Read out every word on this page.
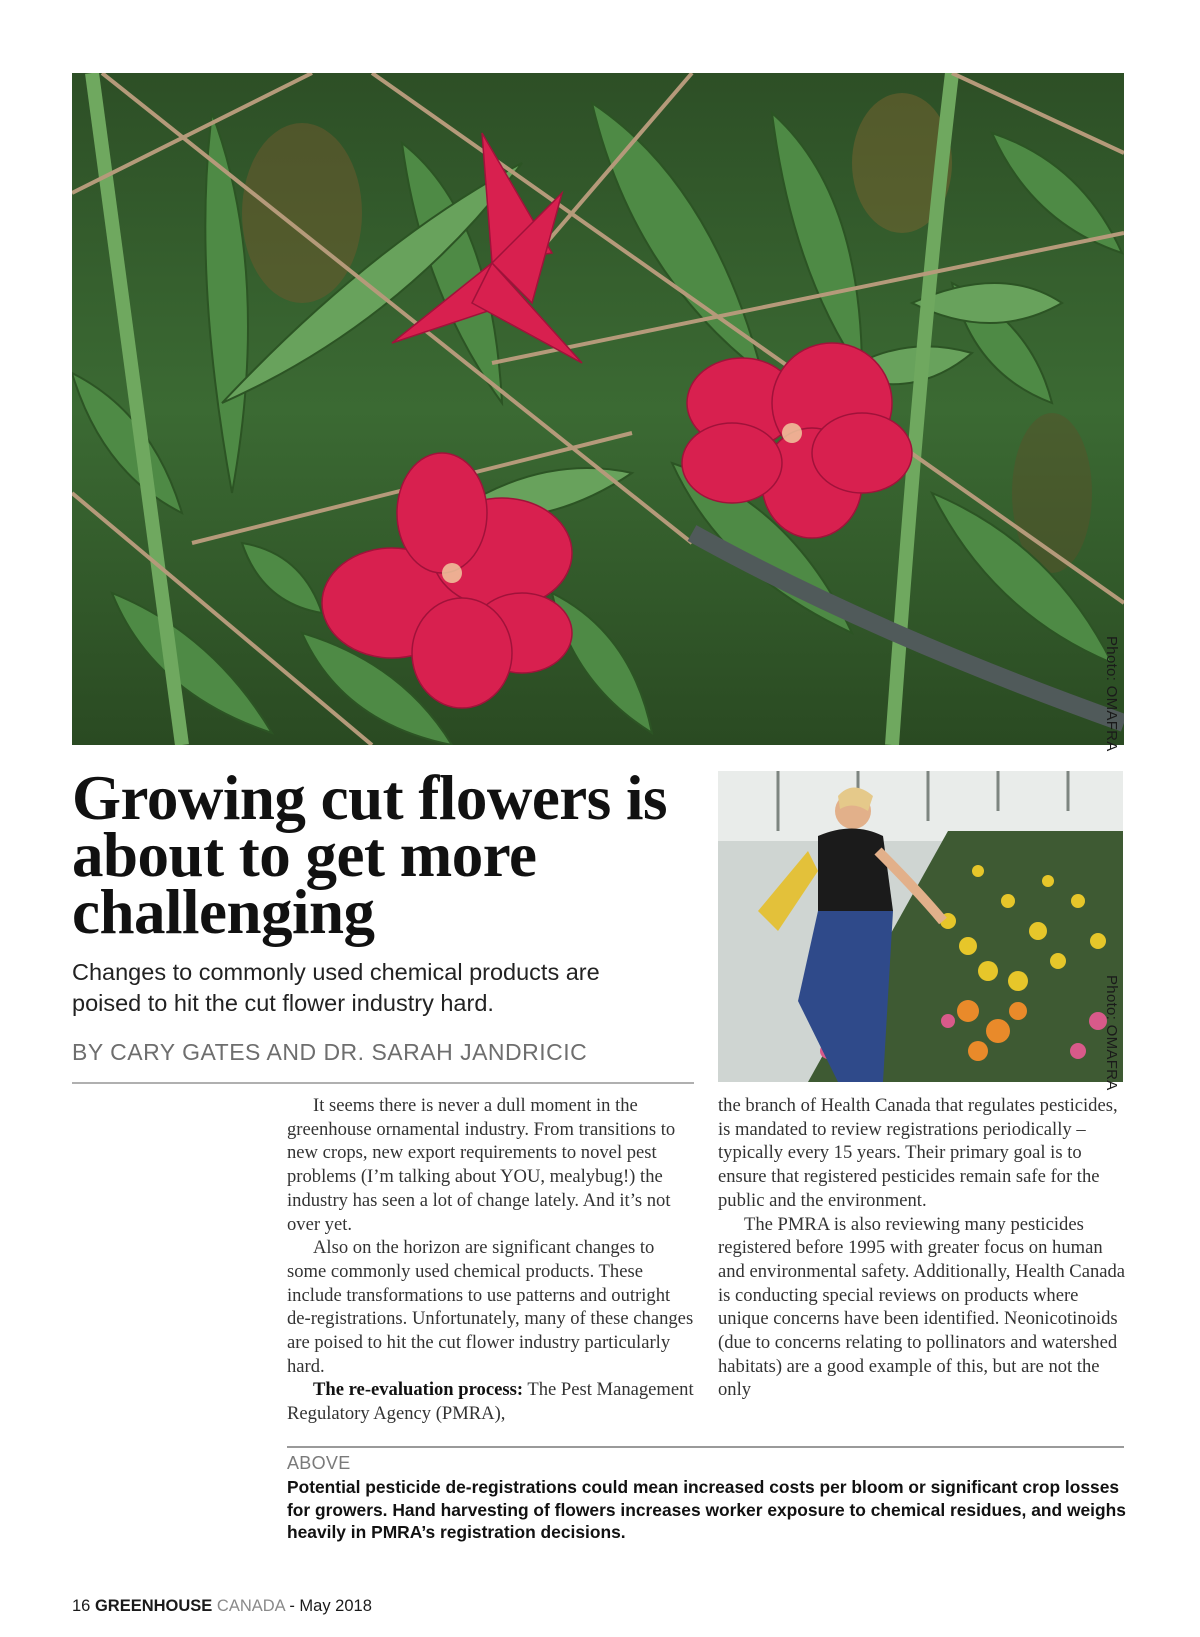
Photo: OMAFRA
Growing cut flowers is about to get more challenging

Changes to commonly used chemical products are poised to hit the cut flower industry hard.

BY CARY GATES AND DR. SARAH JANDRICIC	Photo: OMAFRA

It seems there is never a dull moment in the greenhouse ornamental industry. From transitions to new crops, new export requirements to novel pest problems (I’m talking about YOU, mealybug!) the industry has seen a lot of change lately. And it’s not over yet.

Also on the horizon are significant changes to some commonly used chemical products. These include transformations to use patterns and outright de-registrations. Unfortunately, many of these changes are poised to hit the cut flower industry particularly hard.

The re-evaluation process: The Pest Management Regulatory Agency (PMRA),

the branch of Health Canada that regulates pesticides, is mandated to review registrations periodically – typically every 15 years. Their primary goal is to ensure that registered pesticides remain safe for the public and the environment.

The PMRA is also reviewing many pesticides registered before 1995 with greater focus on human and environmental safety. Additionally, Health Canada is conducting special reviews on products where unique concerns have been identified. Neonicotinoids (due to concerns relating to pollinators and watershed habitats) are a good example of this, but are not the only

ABOVE

Potential pesticide de-registrations could mean increased costs per bloom or significant crop losses for growers. Hand harvesting of flowers increases worker exposure to chemical residues, and weighs heavily in PMRA’s registration decisions.

16 GREENHOUSE CANADA - May 2018
